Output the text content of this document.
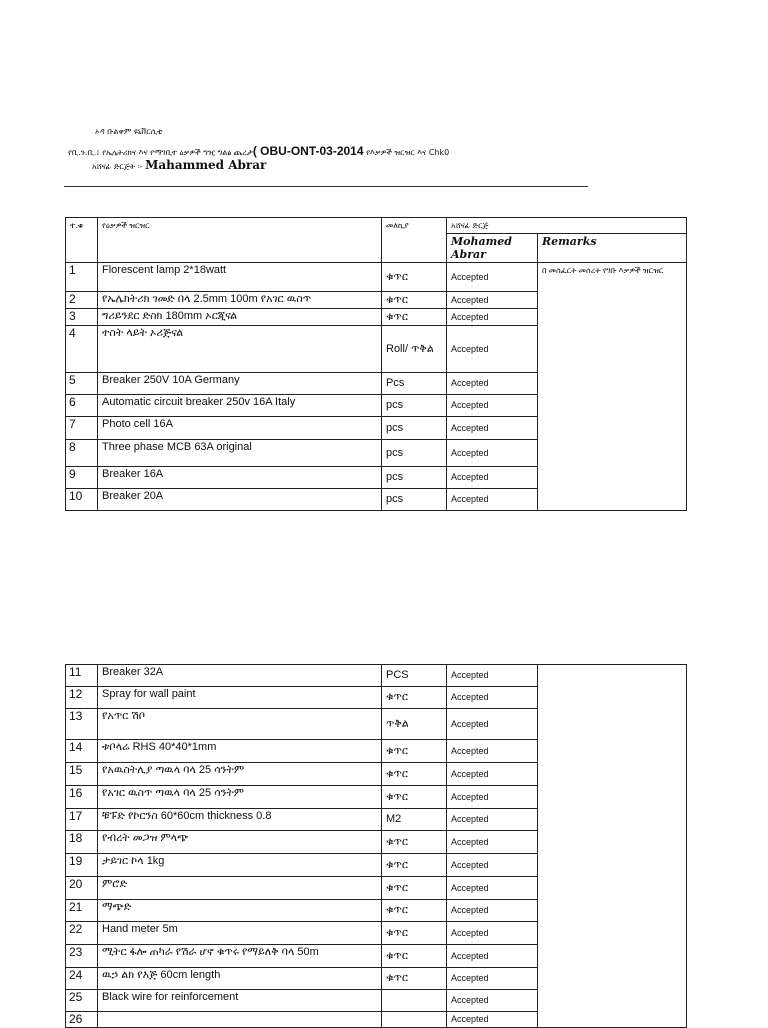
ኦዳ ቡልቀም ዩኒቨርሲቲ
የቢ.ን.ቢ.፤ የኤሌትሪክና እና የማገቢተ ዕቃዎች ግዢ ግልፅ ጨረታ( OBU-ONT-03-2014 የእቃዎች ዝርዝር እና Chk0
አሸናፊ ድርጅት ፡- Mahammed Abrar
ተ.ቁ	የዕቃዎች ዝርዝር	መለኪያ	አሸናፊ ድርጅ	
			Mohamed Abrar	Remarks
1	Florescent lamp 2*18watt	ቁጥር	Accepted	በ መስፈርት መሰረት የገቡ እቃዎች ዝርዝር
2	የኤሌክትሪክ ገመድ በላ 2.5mm 100m የአገር ዉስጥ	ቁጥር	Accepted	
3	ግሪይንደር ድስክ 180mm ኦርጂናል	ቁጥር	Accepted	
4	ተስት ላይት ኦሪጅናል	Roll/ ጥቅል	Accepted	
5	Breaker 250V 10A Germany	Pcs	Accepted	
6	Automatic circuit breaker 250v 16A Italy	pcs	Accepted	
7	Photo cell 16A	pcs	Accepted	
8	Three phase MCB 63A original	pcs	Accepted	
9	Breaker 16A	pcs	Accepted	
10	Breaker 20A	pcs	Accepted	
11	Breaker 32A	PCS	Accepted	
12	Spray for wall paint	ቁጥር	Accepted	
13	የአጥር ሽቦ	ጥቅል	Accepted	
14	ቱቦላሬ RHS 40*40*1mm	ቁጥር	Accepted	
15	የአዉስትሊያ ጣዉላ ባላ 25 ሳንትም	ቁጥር	Accepted	
16	የአገር ዉስጥ ጣዉላ ባላ 25 ሳንትም	ቁጥር	Accepted	
17	ቹፑድ የኮርንስ 60*60cm thickness 0.8	M2	Accepted	
18	የብረት መጋዝ ምላጭ	ቁጥር	Accepted	
19	ታይገር ኮላ 1kg	ቁጥር	Accepted	
20	ምሮድ	ቁጥር	Accepted	
21	ማጭድ	ቁጥር	Accepted	
22	Hand meter 5m	ቁጥር	Accepted	
23	ሚትር ፋሎ ጠካራ የሽራ ሆኖ ቁጥሩ የማይለቅ ባላ 50m	ቁጥር	Accepted	
24	ዉኃ ልክ የእጅ 60cm length	ቁጥር	Accepted	
25	Black wire for reinforcement		Accepted	
26			Accepted	
